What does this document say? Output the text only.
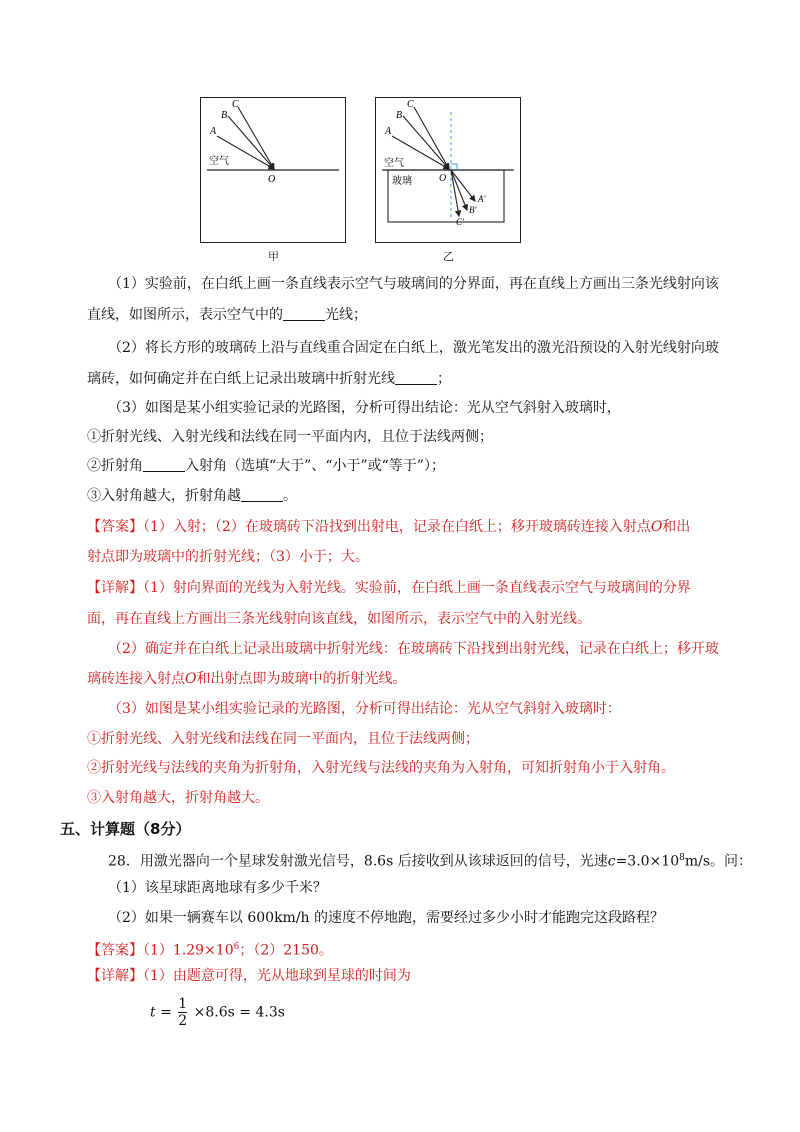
C
B
A
O
空气
甲
C
B
A
O
A'
B'
C'
空气
玻璃
乙
（1）实验前，在白纸上画一条直线表示空气与玻璃间的分界面，再在直线上方画出三条光线射向该
直线，如图所示，表示空气中的	光线；
（2）将长方形的玻璃砖上沿与直线重合固定在白纸上，激光笔发出的激光沿预设的入射光线射向玻
璃砖，如何确定并在白纸上记录出玻璃中折射光线	；
（3）如图是某小组实验记录的光路图，分析可得出结论：光从空气斜射入玻璃时，
①折射光线、入射光线和法线在同一平面内内，且位于法线两侧；
②折射角	入射角（选填“大于”、“小于”或“等于”）；
③入射角越大，折射角越	。
【答案】（1）入射；（2）在玻璃砖下沿找到出射电，记录在白纸上；移开玻璃砖连接入射点O和出
射点即为玻璃中的折射光线；（3）小于；大。
【详解】（1）射向界面的光线为入射光线。实验前，在白纸上画一条直线表示空气与玻璃间的分界
面，再在直线上方画出三条光线射向该直线，如图所示，表示空气中的入射光线。
（2）确定并在白纸上记录出玻璃中折射光线：在玻璃砖下沿找到出射光线，记录在白纸上；移开玻
璃砖连接入射点O和出射点即为玻璃中的折射光线。
（3）如图是某小组实验记录的光路图，分析可得出结论：光从空气斜射入玻璃时：
①折射光线、入射光线和法线在同一平面内，且位于法线两侧；
②折射光线与法线的夹角为折射角，入射光线与法线的夹角为入射角，可知折射角小于入射角。
③入射角越大，折射角越大。
五、计算题（8分）
28．用激光器向一个星球发射激光信号，8.6s 后接收到从该球返回的信号，光速$c=3.0\times 10^8m/s$。问：
（1）该星球距离地球有多少千米？
（2）如果一辆赛车以 600km/h 的速度不停地跑，需要经过多少小时才能跑完这段路程？
【答案】$(1)1.29\times 10^6$；（2）2150。
【详解】（1）由题意可得，光从地球到星球的时间为
$t = \frac{1}{2} \times 8.6s = 4.3s$
